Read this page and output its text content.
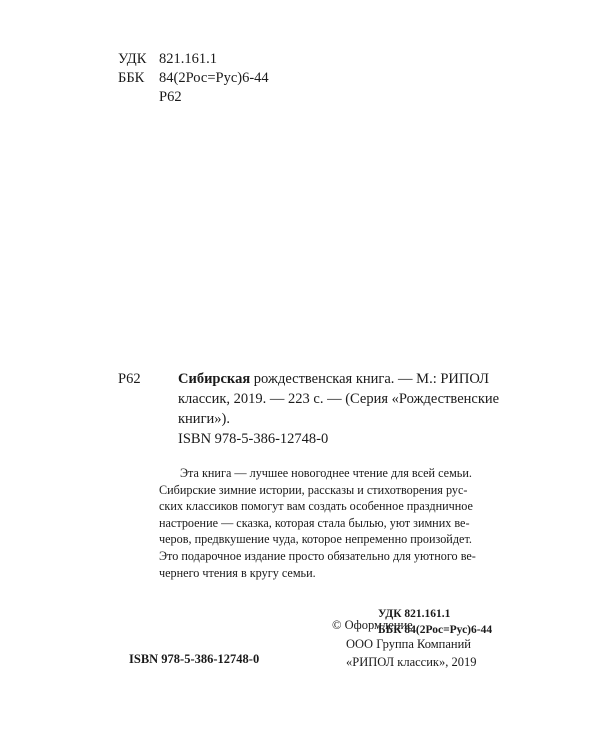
УДК 821.161.1
ББК 84(2Рос=Рус)6-44
Р62
Р62	Сибирская рождественская книга. — М.: РИПОЛ
классик, 2019. — 223 с. — (Серия «Рождественские
книги»).
ISBN 978-5-386-12748-0

Эта книга — лучшее новогоднее чтение для всей семьи.

Сибирские зимние истории, рассказы и стихотворения рус-

ских классиков помогут вам создать особенное праздничное

настроение — сказка, которая стала былью, уют зимних ве-

черов, предвкушение чуда, которое непременно произойдет.

Это подарочное издание просто обязательно для уютного ве-

чернего чтения в кругу семьи.

УДК 821.161.1
ББК 84(2Рос=Рус)6-44
© Оформление.
ООО Группа Компаний
«РИПОЛ классик», 2019
ISBN 978-5-386-12748-0
